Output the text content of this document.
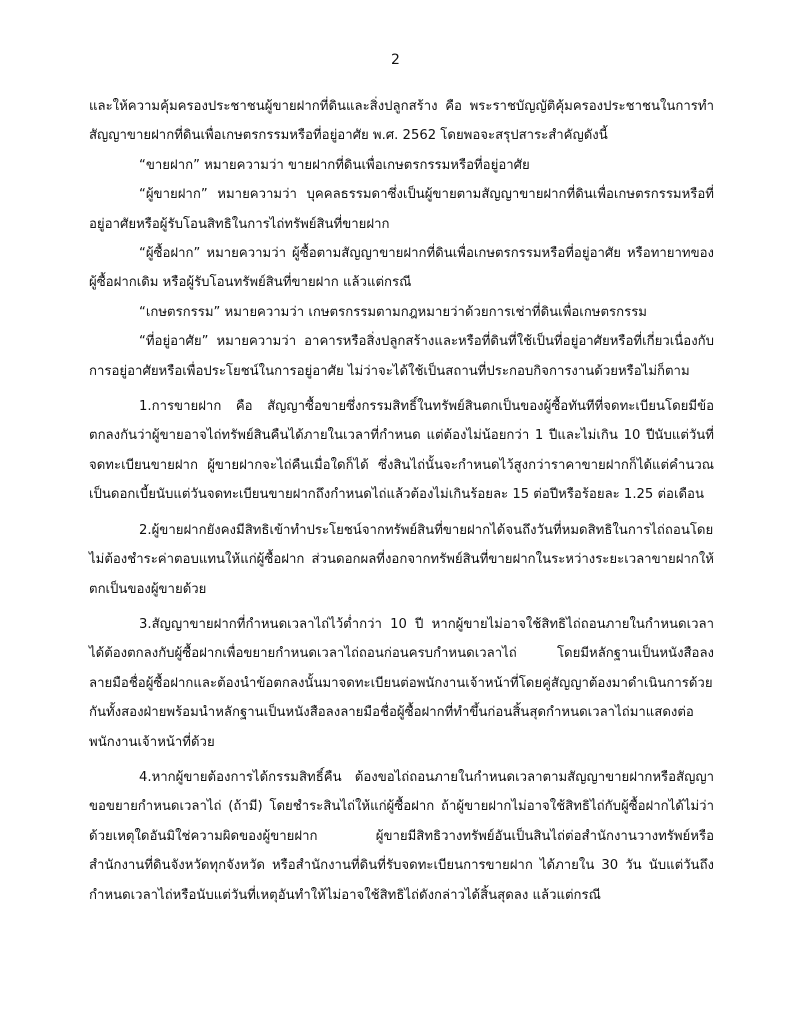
2

และให้ความคุ้มครองประชาชนผู้ขายฝากที่ดินและสิ่งปลูกสร้าง คือ พระราชบัญญัติคุ้มครองประชาชนในการทำสัญญาขายฝากที่ดินเพื่อเกษตรกรรมหรือที่อยู่อาศัย พ.ศ. 2562 โดยพอจะสรุปสาระสำคัญดังนี้

“ขายฝาก” หมายความว่า ขายฝากที่ดินเพื่อเกษตรกรรมหรือที่อยู่อาศัย

“ผู้ขายฝาก” หมายความว่า บุคคลธรรมดาซึ่งเป็นผู้ขายตามสัญญาขายฝากที่ดินเพื่อเกษตรกรรมหรือที่อยู่อาศัยหรือผู้รับโอนสิทธิในการไถ่ทรัพย์สินที่ขายฝาก

“ผู้ซื้อฝาก” หมายความว่า ผู้ซื้อตามสัญญาขายฝากที่ดินเพื่อเกษตรกรรมหรือที่อยู่อาศัย หรือทายาทของผู้ซื้อฝากเดิม หรือผู้รับโอนทรัพย์สินที่ขายฝาก แล้วแต่กรณี

“เกษตรกรรม” หมายความว่า เกษตรกรรมตามกฎหมายว่าด้วยการเช่าที่ดินเพื่อเกษตรกรรม

“ที่อยู่อาศัย” หมายความว่า อาคารหรือสิ่งปลูกสร้างและหรือที่ดินที่ใช้เป็นที่อยู่อาศัยหรือที่เกี่ยวเนื่องกับการอยู่อาศัยหรือเพื่อประโยชน์ในการอยู่อาศัย ไม่ว่าจะได้ใช้เป็นสถานที่ประกอบกิจการงานด้วยหรือไม่ก็ตาม

1.การขายฝาก คือ สัญญาซื้อขายซึ่งกรรมสิทธิ์ในทรัพย์สินตกเป็นของผู้ซื้อทันทีที่จดทะเบียนโดยมีข้อตกลงกันว่าผู้ขายอาจไถ่ทรัพย์สินคืนได้ภายในเวลาที่กำหนด แต่ต้องไม่น้อยกว่า 1 ปีและไม่เกิน 10 ปีนับแต่วันที่จดทะเบียนขายฝาก ผู้ขายฝากจะไถ่คืนเมื่อใดก็ได้ ซึ่งสินไถ่นั้นจะกำหนดไว้สูงกว่าราคาขายฝากก็ได้แต่คำนวณเป็นดอกเบี้ยนับแต่วันจดทะเบียนขายฝากถึงกำหนดไถ่แล้วต้องไม่เกินร้อยละ 15 ต่อปีหรือร้อยละ 1.25 ต่อเดือน

2.ผู้ขายฝากยังคงมีสิทธิเข้าทำประโยชน์จากทรัพย์สินที่ขายฝากได้จนถึงวันที่หมดสิทธิในการไถ่ถอนโดยไม่ต้องชำระค่าตอบแทนให้แก่ผู้ซื้อฝาก ส่วนดอกผลที่งอกจากทรัพย์สินที่ขายฝากในระหว่างระยะเวลาขายฝากให้ตกเป็นของผู้ขายด้วย

3.สัญญาขายฝากที่กำหนดเวลาไถ่ไว้ต่ำกว่า 10 ปี หากผู้ขายไม่อาจใช้สิทธิไถ่ถอนภายในกำหนดเวลาได้ต้องตกลงกับผู้ซื้อฝากเพื่อขยายกำหนดเวลาไถ่ถอนก่อนครบกำหนดเวลาไถ่ โดยมีหลักฐานเป็นหนังสือลงลายมือชื่อผู้ซื้อฝากและต้องนำข้อตกลงนั้นมาจดทะเบียนต่อพนักงานเจ้าหน้าที่โดยคู่สัญญาต้องมาดำเนินการด้วยกันทั้งสองฝ่ายพร้อมนำหลักฐานเป็นหนังสือลงลายมือชื่อผู้ซื้อฝากที่ทำขึ้นก่อนสิ้นสุดกำหนดเวลาไถ่มาแสดงต่อพนักงานเจ้าหน้าที่ด้วย

4.หากผู้ขายต้องการได้กรรมสิทธิ์คืน ต้องขอไถ่ถอนภายในกำหนดเวลาตามสัญญาขายฝากหรือสัญญาขอขยายกำหนดเวลาไถ่ (ถ้ามี) โดยชำระสินไถ่ให้แก่ผู้ซื้อฝาก ถ้าผู้ขายฝากไม่อาจใช้สิทธิไถ่กับผู้ซื้อฝากได้ไม่ว่าด้วยเหตุใดอันมิใช่ความผิดของผู้ขายฝาก ผู้ขายมีสิทธิวางทรัพย์อันเป็นสินไถ่ต่อสำนักงานวางทรัพย์หรือสำนักงานที่ดินจังหวัดทุกจังหวัด หรือสำนักงานที่ดินที่รับจดทะเบียนการขายฝาก ได้ภายใน 30 วัน นับแต่วันถึงกำหนดเวลาไถ่หรือนับแต่วันที่เหตุอันทำให้ไม่อาจใช้สิทธิไถ่ดังกล่าวได้สิ้นสุดลง แล้วแต่กรณี
